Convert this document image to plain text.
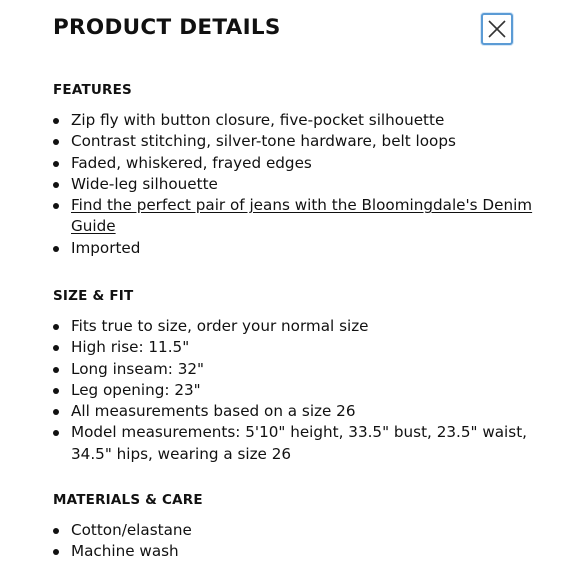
PRODUCT DETAILS
FEATURES
Zip fly with button closure, five-pocket silhouette
Contrast stitching, silver-tone hardware, belt loops
Faded, whiskered, frayed edges
Wide-leg silhouette
Find the perfect pair of jeans with the Bloomingdale's Denim Guide
Imported
SIZE & FIT
Fits true to size, order your normal size
High rise: 11.5"
Long inseam: 32"
Leg opening: 23"
All measurements based on a size 26
Model measurements: 5'10" height, 33.5" bust, 23.5" waist, 34.5" hips, wearing a size 26
MATERIALS & CARE
Cotton/elastane
Machine wash
